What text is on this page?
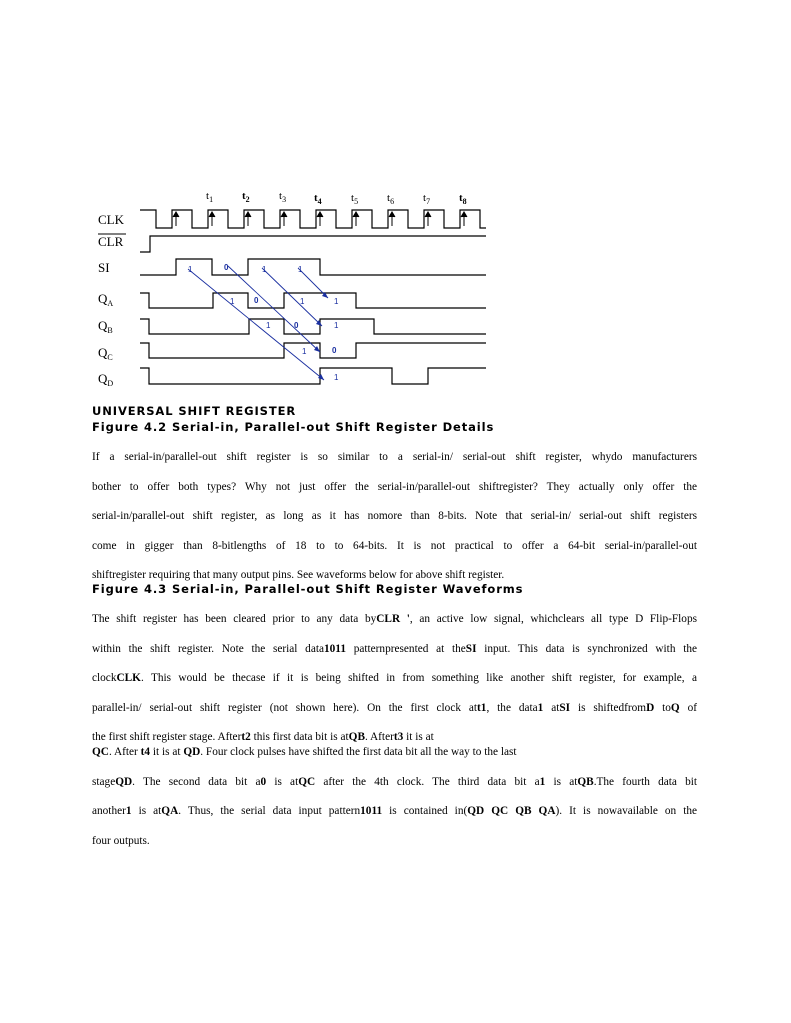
$t_1$	$t_2$	$t_3$	$t_4$	$t_5$	$t_6$	$t_7$	$t_8$
CLK
CLR
SI
$Q_A$
$Q_B$
$Q_C$
$Q_D$
1	0	1	1
1 0	1	1
1	0	1
1	0
1
UNIVERSAL SHIFT REGISTER
Figure 4.2 Serial-in, Parallel-out Shift Register Details
If a serial-in/parallel-out shift register is so similar to a serial-in/ serial-out shift register, whydo manufacturers
bother to offer both types? Why not just offer the serial-in/parallel-out shiftregister? They actually only offer the
serial-in/parallel-out shift register, as long as it has nomore than 8-bits. Note that serial-in/ serial-out shift registers
come in gigger than 8-bitlengths of 18 to to 64-bits. It is not practical to offer a 64-bit serial-in/parallel-out
shiftregister requiring that many output pins. See waveforms below for above shift register.
Figure 4.3 Serial-in, Parallel-out Shift Register Waveforms
The shift register has been cleared prior to any data byCLR ', an active low signal, whichclears all type D Flip-Flops
within the shift register. Note the serial data1011 patternpresented at theSI input. This data is synchronized with the
clockCLK. This would be thecase if it is being shifted in from something like another shift register, for example, a
parallel-in/ serial-out shift register (not shown here). On the first clock att1, the data1 atSI is shiftedfromD toQ of
the first shift register stage. Aftert2 this first data bit is atQB. Aftert3 it is at
QC. After t4 it is at QD. Four clock pulses have shifted the first data bit all the way to the last
stageQD. The second data bit a0 is atQC after the 4th clock. The third data bit a1 is atQB.The fourth data bit
another1 is atQA. Thus, the serial data input pattern1011 is contained in(QD QC QB QA). It is nowavailable on the
four outputs.
